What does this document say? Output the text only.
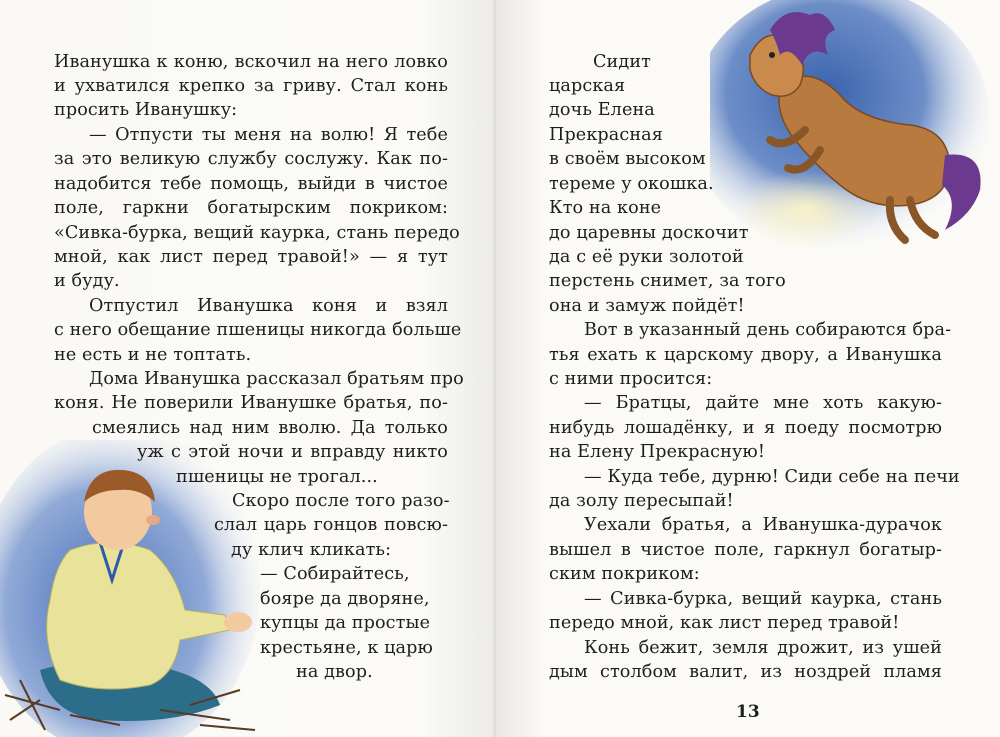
Иванушка к коню, вскочил на него ловко

и ухватился крепко за гриву. Стал конь

просить Иванушку:

— Отпусти ты меня на волю! Я тебе

за это великую службу сослужу. Как по-

надобится тебе помощь, выйди в чистое

поле, гаркни богатырским покриком:

«Сивка-бурка, вещий каурка, стань передо

мной, как лист перед травой!» — я тут

и буду.

Отпустил Иванушка коня и взял

с него обещание пшеницы никогда больше

не есть и не топтать.

Дома Иванушка рассказал братьям про

коня. Не поверили Иванушке братья, по-

смеялись над ним вволю. Да только

уж с этой ночи и вправду никто

пшеницы не трогал...

Скоро после того разо-

слал царь гонцов повсю-

ду клич кликать:

— Собирайтесь,

бояре да дворяне,

купцы да простые

крестьяне, к царю

на двор.

Сидит

царская

дочь Елена

Прекрасная

в своём высоком

тереме у окошка.

Кто на коне

до царевны доскочит

да с её руки золотой

перстень снимет, за того

она и замуж пойдёт!

Вот в указанный день собираются бра-

тья ехать к царскому двору, а Иванушка

с ними просится:

— Братцы, дайте мне хоть какую-

нибудь лошадёнку, и я поеду посмотрю

на Елену Прекрасную!

— Куда тебе, дурню! Сиди себе на печи

да золу пересыпай!

Уехали братья, а Иванушка-дурачок

вышел в чистое поле, гаркнул богатыр-

ским покриком:

— Сивка-бурка, вещий каурка, стань

передо мной, как лист перед травой!

Конь бежит, земля дрожит, из ушей

дым столбом валит, из ноздрей пламя

13
